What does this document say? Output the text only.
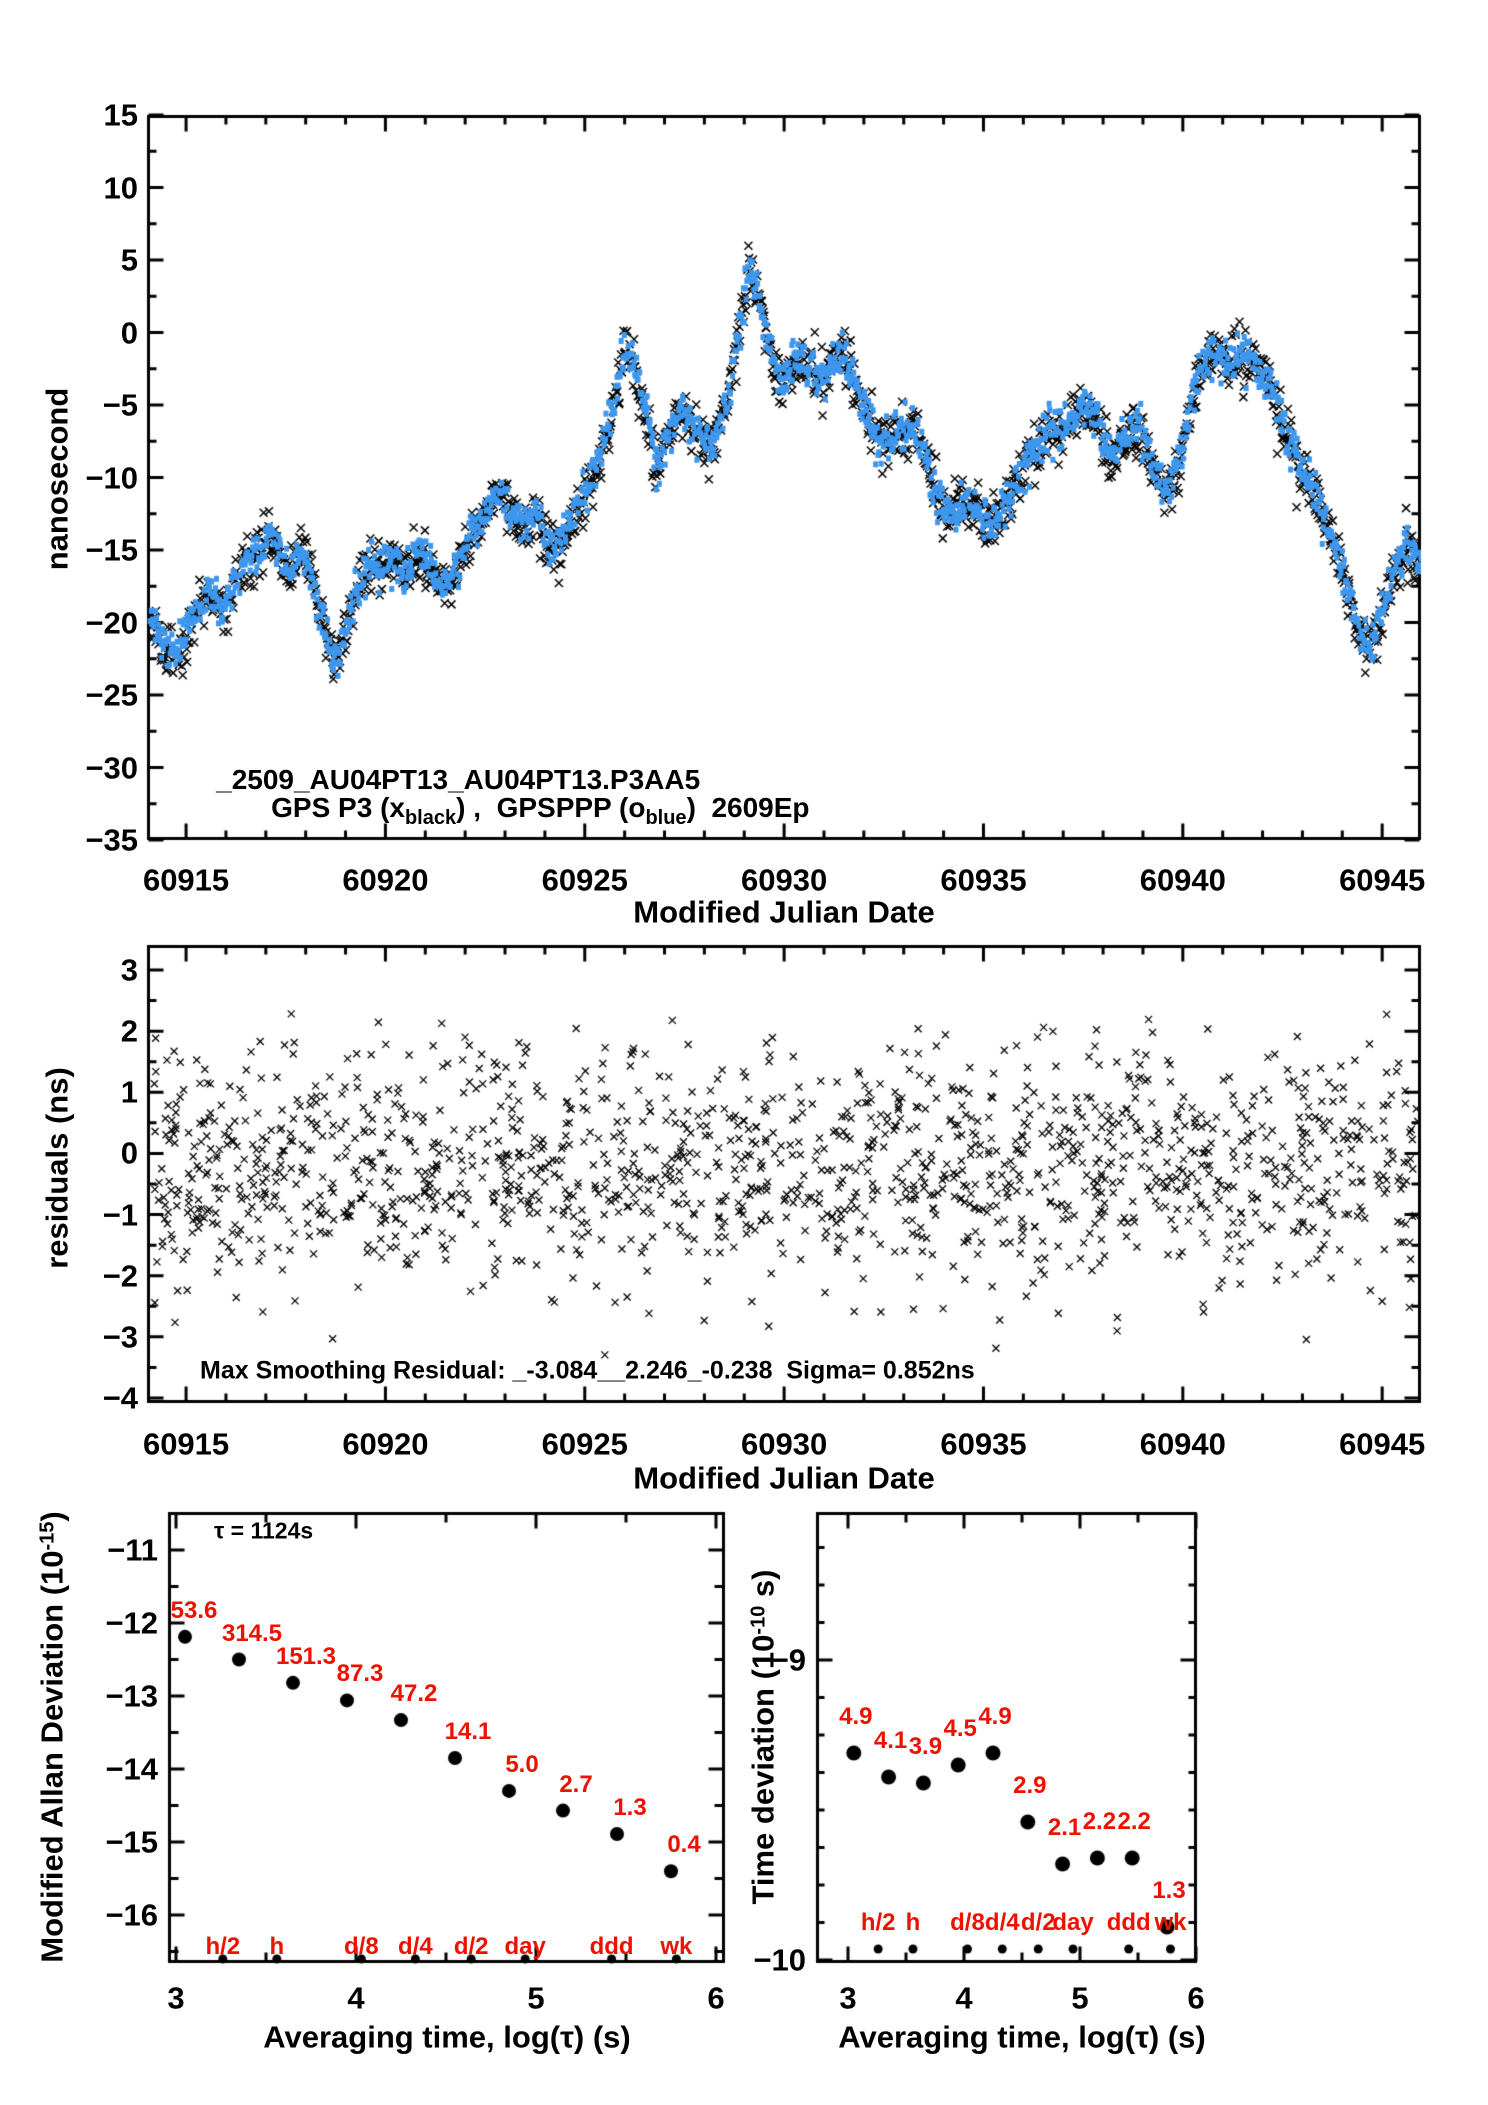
nanosecond

_2509_AU04PT13_AU04PT13.P3AA5
GPS P3 $(x_{black})$ ,  GPSPPP $(o_{blue})$  2609Ep

Modified Julian Date
residuals (ns)
Max Smoothing Residual: _-3.084__2.246_-0.238  Sigma= 0.852ns
Modified Julian Date
Modified Allan Deviation $(10^{-15})$
τ = 1124s
Averaging time, log(τ) (s)
Time deviation ($10^{-10}$ s)
Averaging time, log(τ) (s)
15
10
5
0
−5
−10
−15
−20
−25
−30
−35
60915	60920	60925	60930	60935	60940	60945
3
2
1
0
−1
−2
−3
−4
60915	60920	60925	60930	60935	60940	60945
−11
−12
−13
−14
−15
−16
3	4	5	6
−9
−10
3	4	5	6
53.6
314.5
151.3
87.3
47.2
14.1
5.0
2.7
1.3
0.4
h/2 h d/8 d/4 d/2 day ddd wk
4.9
4.1 3.9
4.5 4.9
2.9
2.1 2.2 2.2
1.3
h/2 h d/8 d/4 d/2
day ddd wk
